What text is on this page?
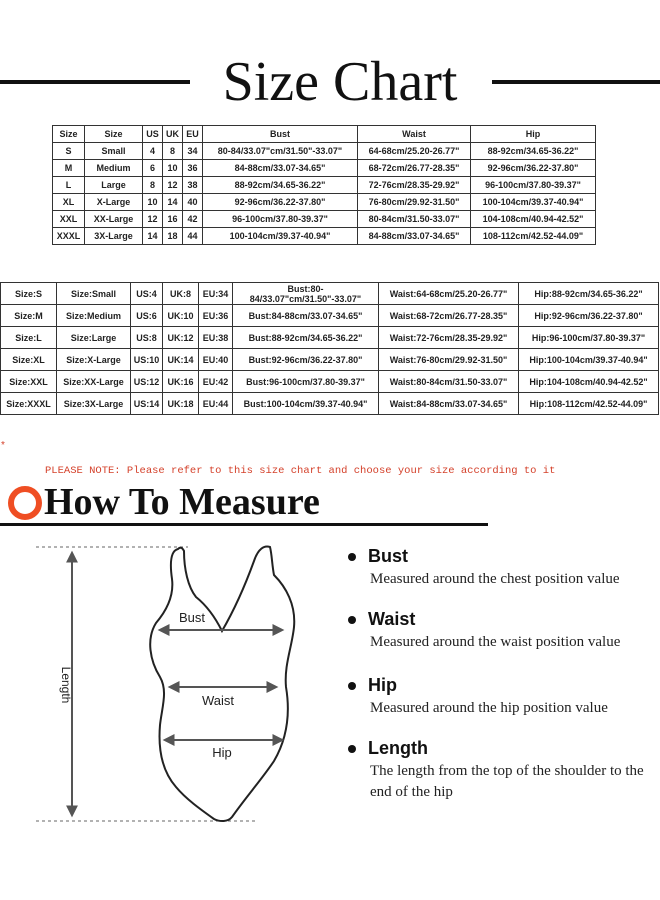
Size Chart
Size	Size	US	UK	EU	Bust	Waist	Hip
S	Small	4	8	34	80-84/33.07"cm/31.50"-33.07"	64-68cm/25.20-26.77"	88-92cm/34.65-36.22"
M	Medium	6	10	36	84-88cm/33.07-34.65"	68-72cm/26.77-28.35"	92-96cm/36.22-37.80"
L	Large	8	12	38	88-92cm/34.65-36.22"	72-76cm/28.35-29.92"	96-100cm/37.80-39.37"
XL	X-Large	10	14	40	92-96cm/36.22-37.80"	76-80cm/29.92-31.50"	100-104cm/39.37-40.94"
XXL	XX-Large	12	16	42	96-100cm/37.80-39.37"	80-84cm/31.50-33.07"	104-108cm/40.94-42.52"
XXXL	3X-Large	14	18	44	100-104cm/39.37-40.94"	84-88cm/33.07-34.65"	108-112cm/42.52-44.09"
Size:S	Size:Small	US:4	UK:8	EU:34	Bust:80-84/33.07"cm/31.50"-33.07"	Waist:64-68cm/25.20-26.77"	Hip:88-92cm/34.65-36.22"
Size:M	Size:Medium	US:6	UK:10	EU:36	Bust:84-88cm/33.07-34.65"	Waist:68-72cm/26.77-28.35"	Hip:92-96cm/36.22-37.80"
Size:L	Size:Large	US:8	UK:12	EU:38	Bust:88-92cm/34.65-36.22"	Waist:72-76cm/28.35-29.92"	Hip:96-100cm/37.80-39.37"
Size:XL	Size:X-Large	US:10	UK:14	EU:40	Bust:92-96cm/36.22-37.80"	Waist:76-80cm/29.92-31.50"	Hip:100-104cm/39.37-40.94"
Size:XXL	Size:XX-Large	US:12	UK:16	EU:42	Bust:96-100cm/37.80-39.37"	Waist:80-84cm/31.50-33.07"	Hip:104-108cm/40.94-42.52"
Size:XXXL	Size:3X-Large	US:14	UK:18	EU:44	Bust:100-104cm/39.37-40.94"	Waist:84-88cm/33.07-34.65"	Hip:108-112cm/42.52-44.09"
*
PLEASE NOTE: Please refer to this size chart and choose your size according to it
How To Measure
Length
Bust
Waist
Hip
Bust
Measured around the chest position value
Waist
Measured around the waist position value
Hip
Measured around the hip position value
Length
The length from the top of the shoulder to the end of the hip
